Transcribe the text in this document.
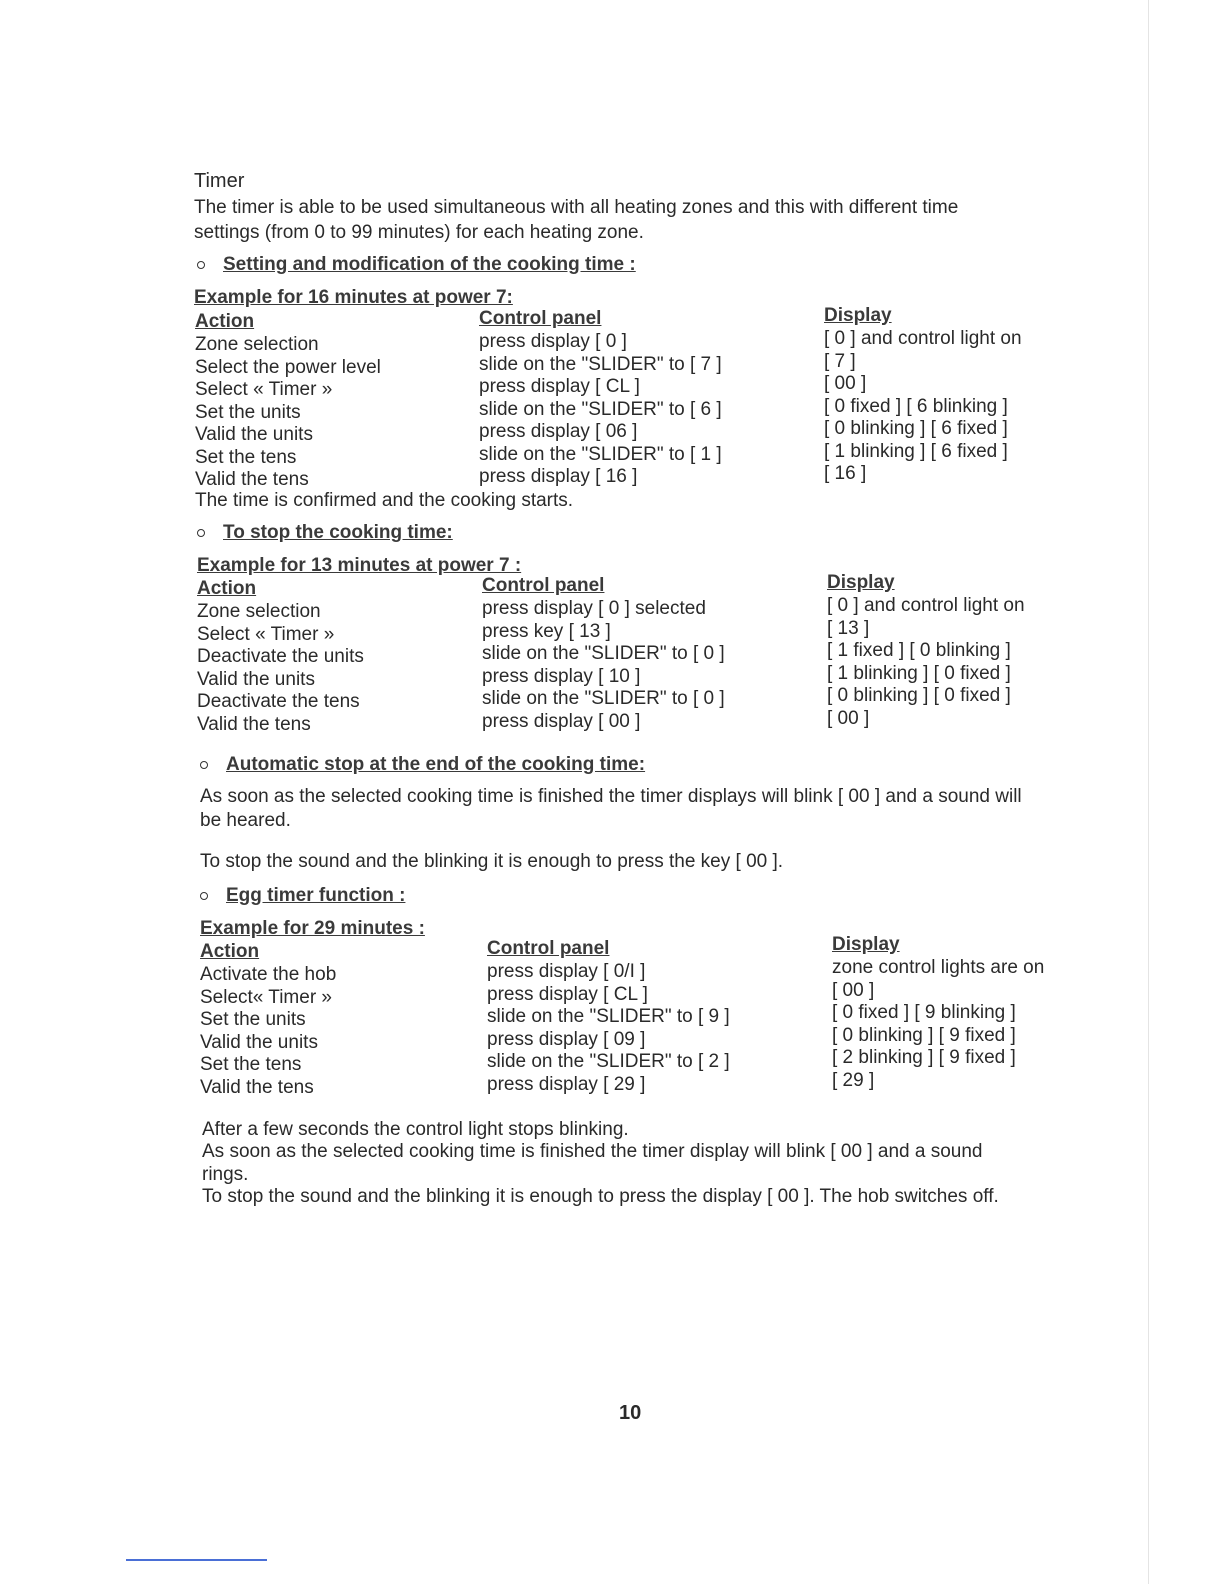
Timer
The timer is able to be used simultaneous with all heating zones and this with different time
settings (from 0 to 99 minutes) for each heating zone.
Setting and modification of the cooking time :
Example for 16 minutes at power 7:
Action
Zone selection
Select the power level
Select « Timer »
Set the units
Valid the units
Set the tens
Valid the tens
Control panel
press display [ 0 ]
slide on the "SLIDER" to [ 7 ]
press display [ CL ]
slide on the "SLIDER" to [ 6 ]
press display [ 06 ]
slide on the "SLIDER" to [ 1 ]
press display [ 16 ]
Display
[ 0 ] and control light on
[ 7 ]
[ 00 ]
[ 0 fixed ] [ 6 blinking ]
[ 0 blinking ] [ 6 fixed ]
[ 1 blinking ] [ 6 fixed ]
[ 16 ]
The time is confirmed and the cooking starts.
To stop the cooking time:
Example for 13 minutes at power 7 :
Action
Zone selection
Select « Timer »
Deactivate the units
Valid the units
Deactivate the tens
Valid the tens
Control panel
press display [ 0 ] selected
press key [ 13 ]
slide on the "SLIDER" to [ 0 ]
press display [ 10 ]
slide on the "SLIDER" to [ 0 ]
press display [ 00 ]
Display
[ 0 ] and control light on
[ 13 ]
[ 1 fixed ] [ 0 blinking ]
[ 1 blinking ] [ 0 fixed ]
[ 0 blinking ] [ 0 fixed ]
[ 00 ]
Automatic stop at the end of the cooking time:
As soon as the selected cooking time is finished the timer displays will blink [ 00 ] and a sound will
be heared.
To stop the sound and the blinking it is enough to press the key [ 00 ].
Egg timer function :
Example for 29 minutes :
Action
Activate the hob
Select« Timer »
Set the units
Valid the units
Set the tens
Valid the tens
Control panel
press display [ 0/I ]
press display [ CL ]
slide on the "SLIDER" to [ 9 ]
press display [ 09 ]
slide on the "SLIDER" to [ 2 ]
press display [ 29 ]
Display
zone control lights are on
[ 00 ]
[ 0 fixed ] [ 9 blinking ]
[ 0 blinking ] [ 9 fixed ]
[ 2 blinking ] [ 9 fixed ]
[ 29 ]
After a few seconds the control light stops blinking.
As soon as the selected cooking time is finished the timer display will blink [ 00 ] and a sound
rings.
To stop the sound and the blinking it is enough to press the display [ 00 ]. The hob switches off.
10
